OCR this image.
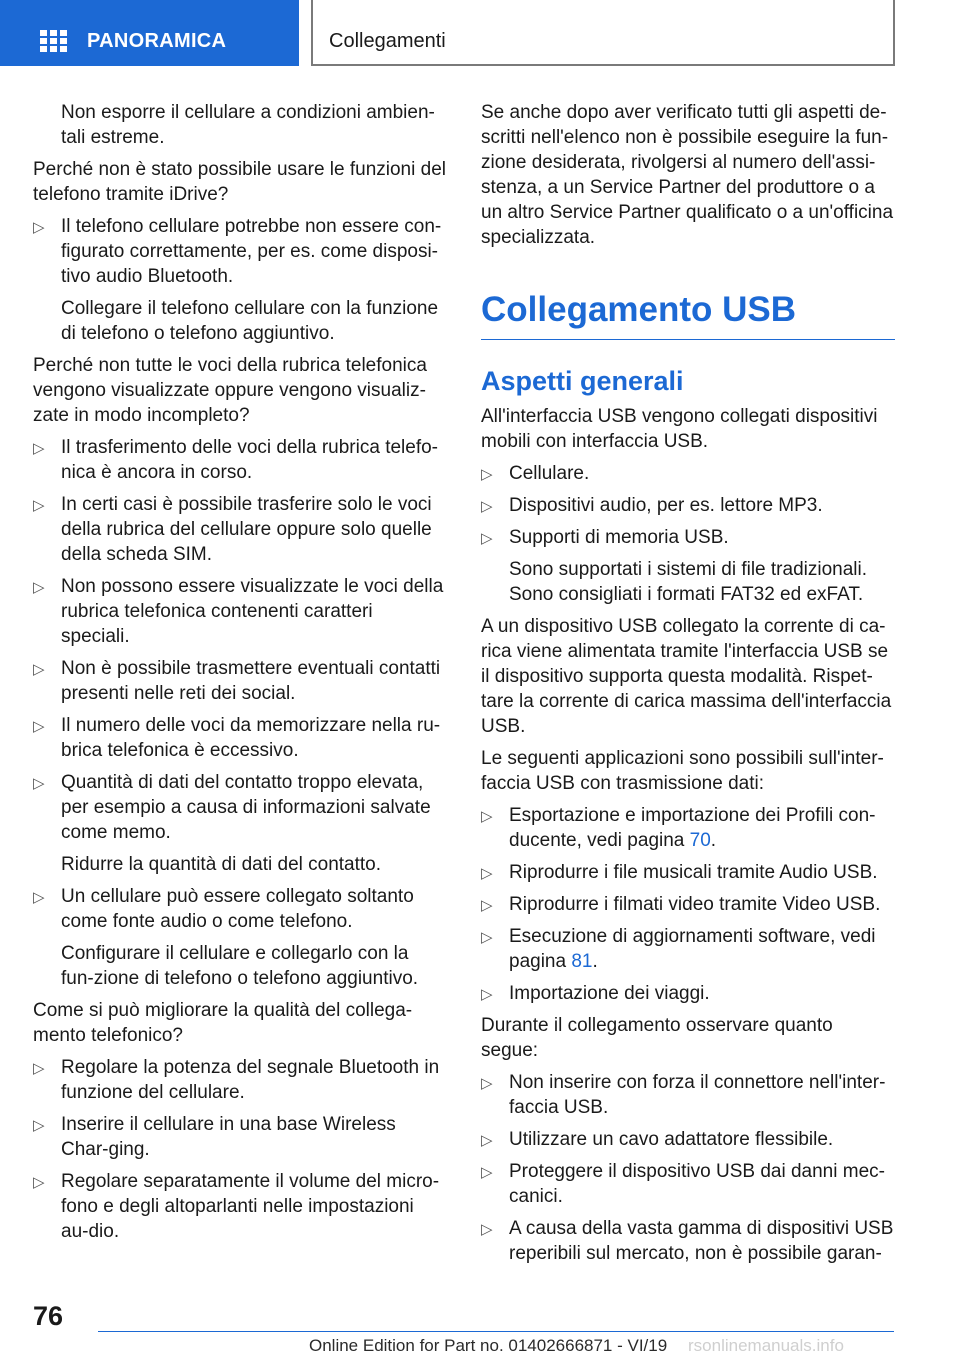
PANORAMICA	Collegamenti
Non esporre il cellulare a condizioni ambien-tali estreme.
Perché non è stato possibile usare le funzioni del telefono tramite iDrive?
▷ Il telefono cellulare potrebbe non essere con-figurato correttamente, per es. come disposi-tivo audio Bluetooth.
Collegare il telefono cellulare con la funzione di telefono o telefono aggiuntivo.
Perché non tutte le voci della rubrica telefonica vengono visualizzate oppure vengono visualiz-zate in modo incompleto?
▷ Il trasferimento delle voci della rubrica telefo-nica è ancora in corso.
▷ In certi casi è possibile trasferire solo le voci della rubrica del cellulare oppure solo quelle della scheda SIM.
▷ Non possono essere visualizzate le voci della rubrica telefonica contenenti caratteri speciali.
▷ Non è possibile trasmettere eventuali contatti presenti nelle reti dei social.
▷ Il numero delle voci da memorizzare nella ru-brica telefonica è eccessivo.
▷ Quantità di dati del contatto troppo elevata, per esempio a causa di informazioni salvate come memo.
Ridurre la quantità di dati del contatto.
▷ Un cellulare può essere collegato soltanto come fonte audio o come telefono.
Configurare il cellulare e collegarlo con la fun-zione di telefono o telefono aggiuntivo.
Come si può migliorare la qualità del collega-mento telefonico?
▷ Regolare la potenza del segnale Bluetooth in funzione del cellulare.
▷ Inserire il cellulare in una base Wireless Char-ging.
▷ Regolare separatamente il volume del micro-fono e degli altoparlanti nelle impostazioni au-dio.
Se anche dopo aver verificato tutti gli aspetti de-scritti nell'elenco non è possibile eseguire la fun-zione desiderata, rivolgersi al numero dell'assi-stenza, a un Service Partner del produttore o a un altro Service Partner qualificato o a un'officina specializzata.
Collegamento USB
Aspetti generali
All'interfaccia USB vengono collegati dispositivi mobili con interfaccia USB.
▷ Cellulare.
▷ Dispositivi audio, per es. lettore MP3.
▷ Supporti di memoria USB.
Sono supportati i sistemi di file tradizionali. Sono consigliati i formati FAT32 ed exFAT.
A un dispositivo USB collegato la corrente di ca-rica viene alimentata tramite l'interfaccia USB se il dispositivo supporta questa modalità. Rispet-tare la corrente di carica massima dell'interfaccia USB.
Le seguenti applicazioni sono possibili sull'inter-faccia USB con trasmissione dati:
▷ Esportazione e importazione dei Profili con-ducente, vedi pagina 70.
▷ Riprodurre i file musicali tramite Audio USB.
▷ Riprodurre i filmati video tramite Video USB.
▷ Esecuzione di aggiornamenti software, vedi pagina 81.
▷ Importazione dei viaggi.
Durante il collegamento osservare quanto segue:
▷ Non inserire con forza il connettore nell'inter-faccia USB.
▷ Utilizzare un cavo adattatore flessibile.
▷ Proteggere il dispositivo USB dai danni mec-canici.
▷ A causa della vasta gamma di dispositivi USB reperibili sul mercato, non è possibile garan-
76
Online Edition for Part no. 01402666871 - VI/19 rsonlinemanuals.info
